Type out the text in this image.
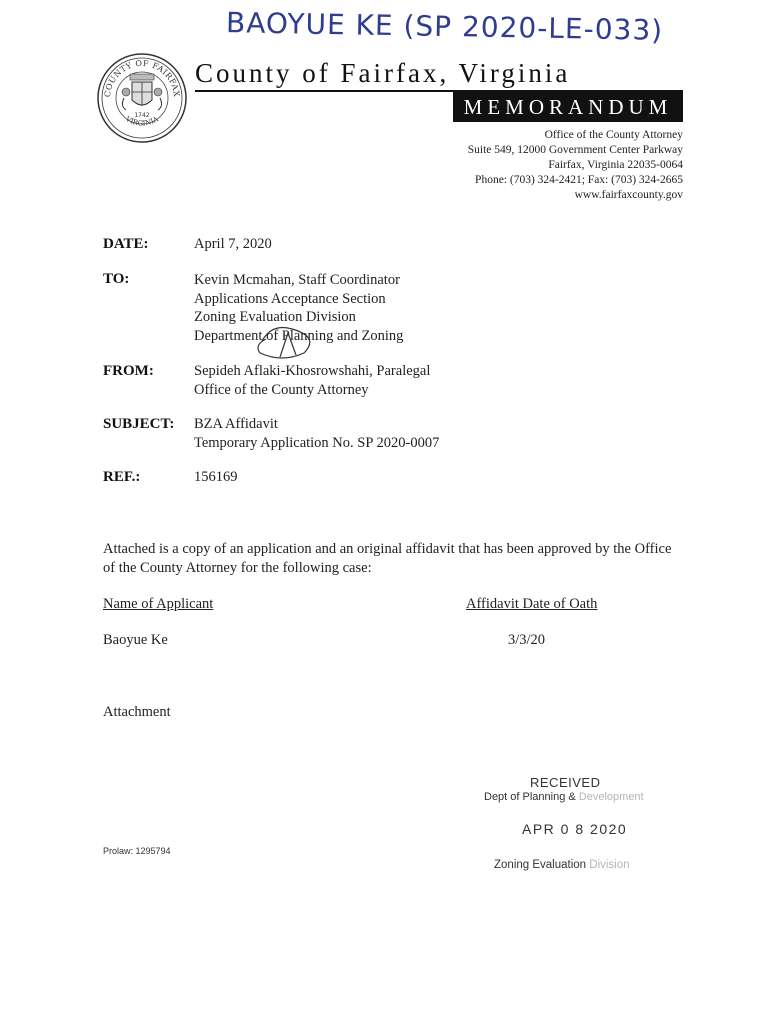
BAOYUE KE (SP 2020-LE-033)
COUNTY OF FAIRFAX
VIRGINIA
1742
County of Fairfax, Virginia
MEMORANDUM
Office of the County Attorney
Suite 549, 12000 Government Center Parkway
Fairfax, Virginia 22035-0064
Phone: (703) 324-2421; Fax: (703) 324-2665
www.fairfaxcounty.gov
DATE:	April 7, 2020
TO:	Kevin Mcmahan, Staff Coordinator
Applications Acceptance Section
Zoning Evaluation Division
Department of Planning and Zoning
FROM:	Sepideh Aflaki-Khosrowshahi, Paralegal
Office of the County Attorney
SUBJECT: BZA Affidavit
Temporary Application No. SP 2020-0007
REF.:	156169
Attached is a copy of an application and an original affidavit that has been approved by the Office of the County Attorney for the following case:
Name of Applicant	Affidavit Date of Oath
Baoyue Ke	3/3/20
Attachment
RECEIVED
Dept of Planning & Development
APR 0 8 2020
Zoning Evaluation Division
Prolaw: 1295794
